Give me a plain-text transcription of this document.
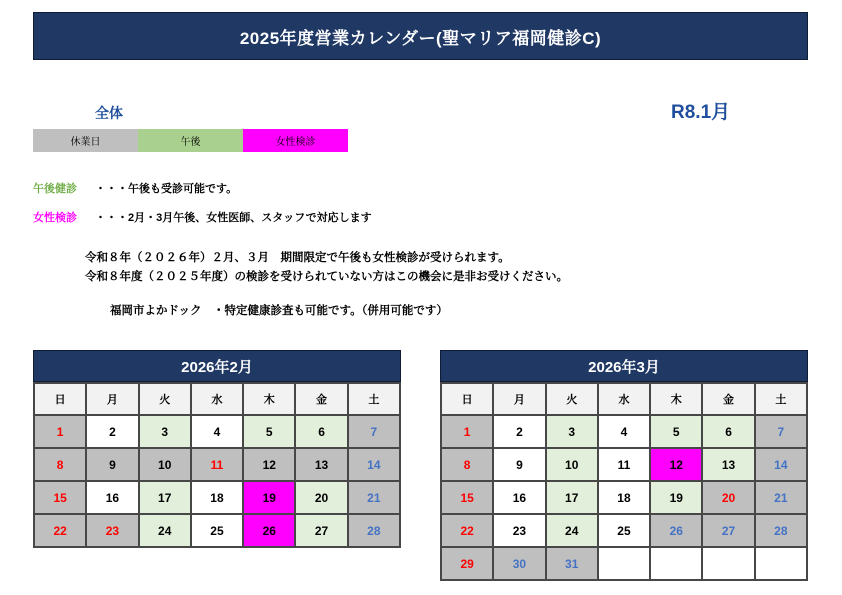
2025年度営業カレンダー(聖マリア福岡健診C)
全体	R8.1月
休業日	午後	女性検診
午後健診	・・・午後も受診可能です。
女性検診	・・・2月・3月午後、女性医師、スタッフで対応します
令和８年（２０２６年）２月、３月　期間限定で午後も女性検診が受けられます。
令和８年度（２０２５年度）の検診を受けられていない方はこの機会に是非お受けください。
福岡市よかドック　・特定健康診査も可能です。（併用可能です）
2026年2月
日	月	火	水	木	金	土
1	2	3	4	5	6	7
8	9	10	11	12	13	14
15	16	17	18	19	20	21
22	23	24	25	26	27	28
2026年3月
日	月	火	水	木	金	土
1	2	3	4	5	6	7
8	9	10	11	12	13	14
15	16	17	18	19	20	21
22	23	24	25	26	27	28
29	30	31				
